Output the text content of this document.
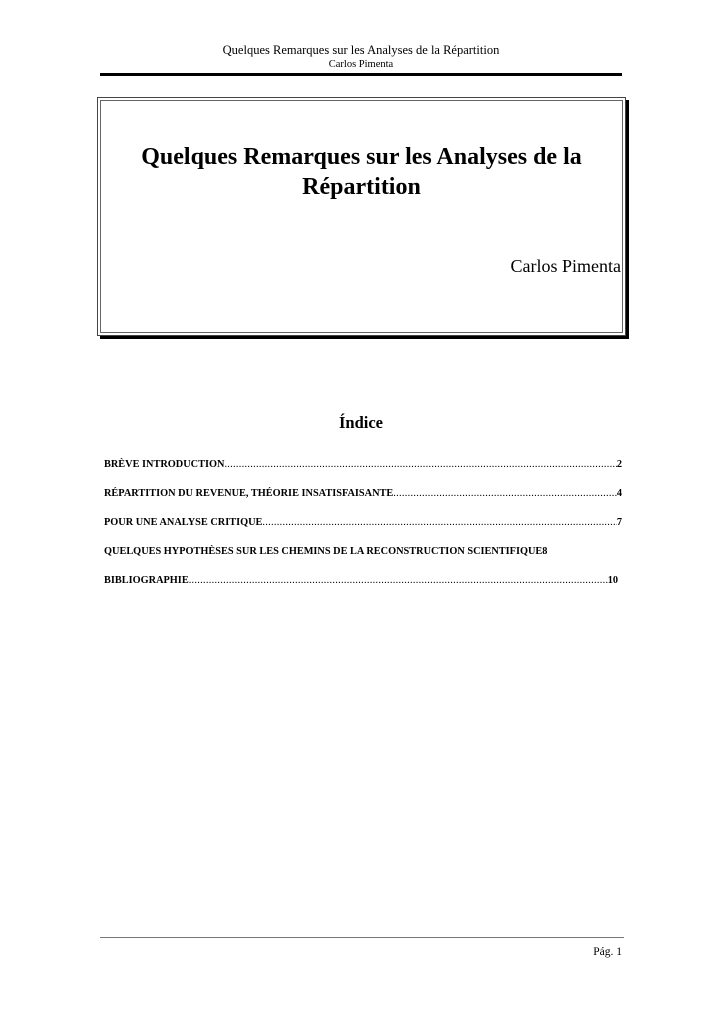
Quelques Remarques sur les Analyses de la Répartition
Carlos Pimenta
Quelques Remarques sur les Analyses de la
Répartition
Carlos Pimenta
Índice
BRÈVE INTRODUCTION .....	2
RÉPARTITION DU REVENUE, THÉORIE INSATISFAISANTE .....	4
POUR UNE ANALYSE CRITIQUE .....	7
QUELQUES HYPOTHÈSES SUR LES CHEMINS DE LA RECONSTRUCTION SCIENTIFIQUE 8
BIBLIOGRAPHIE .....	10
Pág. 1
